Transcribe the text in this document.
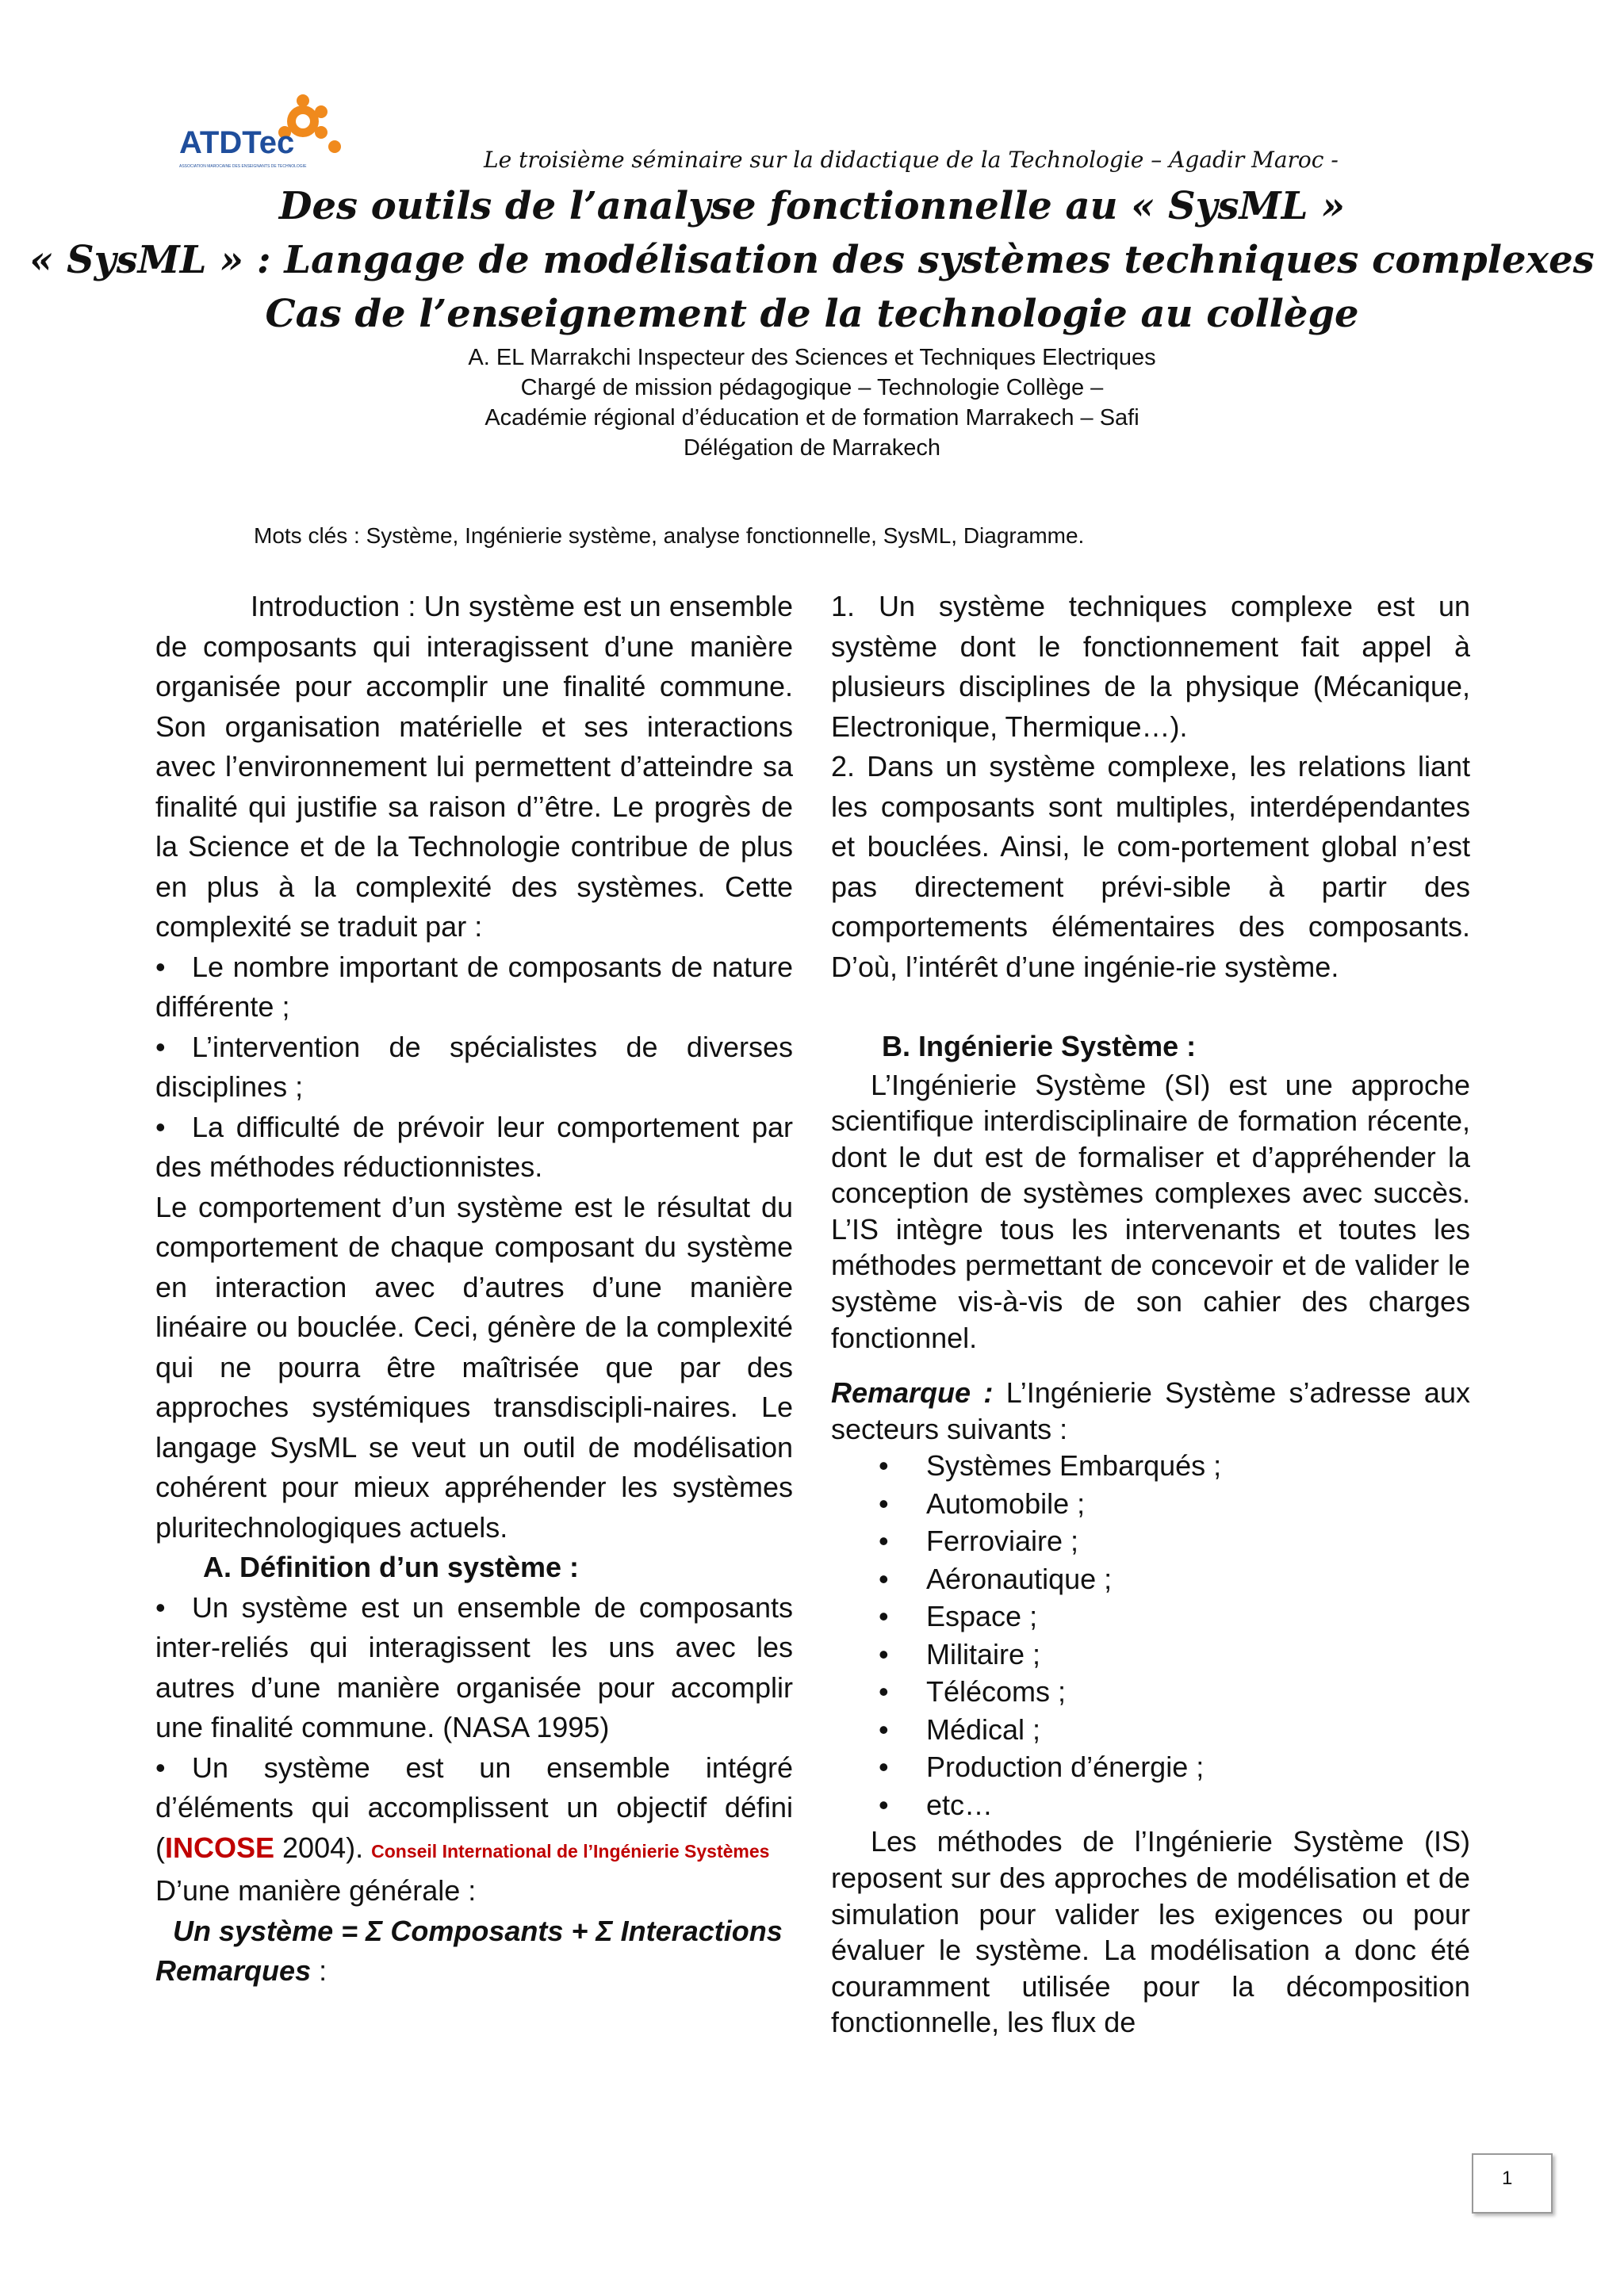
ATDTec
ASSOCIATION MAROCAINE DES ENSEIGNANTS DE TECHNOLOGIE	Le troisième séminaire sur la didactique de la Technologie – Agadir Maroc -
Des outils de l’analyse fonctionnelle au « SysML »
« SysML » : Langage de modélisation des systèmes techniques complexes
Cas de l’enseignement de la technologie au collège
A. EL Marrakchi Inspecteur des Sciences et Techniques Electriques
Chargé de mission pédagogique – Technologie Collège –
Académie régional d’éducation et de formation Marrakech – Safi
Délégation de Marrakech
Mots clés : Système, Ingénierie système, analyse fonctionnelle, SysML, Diagramme.

Introduction : Un système est un ensemble de composants qui interagissent d’une manière organisée pour accomplir une finalité commune. Son organisation matérielle et ses interactions avec l’environnement lui permettent d’atteindre sa finalité qui justifie sa raison d’’être. Le progrès de la Science et de la Technologie contribue de plus en plus à la complexité des systèmes. Cette complexité se traduit par :

• Le nombre important de composants de nature différente ;

• L’intervention de spécialistes de diverses disciplines ;

• La difficulté de prévoir leur comportement par des méthodes réductionnistes.

Le comportement d’un système est le résultat du comportement de chaque composant du système en interaction avec d’autres d’une manière linéaire ou bouclée. Ceci, génère de la complexité qui ne pourra être maîtrisée que par des approches systémiques transdiscipli-naires. Le langage SysML se veut un outil de modélisation cohérent pour mieux appréhender les systèmes pluritechnologiques actuels.

A. Définition d’un système :

• Un système est un ensemble de composants inter-reliés qui interagissent les uns avec les autres d’une manière organisée pour accomplir une finalité commune. (NASA 1995)

• Un système est un ensemble intégré d’éléments qui accomplissent un objectif défini (INCOSE 2004). Conseil International de l’Ingénierie Systèmes

D’une manière générale :

Un système = Σ Composants + Σ Interactions

Remarques :

1. Un système techniques complexe est un système dont le fonctionnement fait appel à plusieurs disciplines de la physique (Mécanique, Electronique, Thermique…).

2. Dans un système complexe, les relations liant les composants sont multiples, interdépendantes et bouclées. Ainsi, le com-portement global n’est pas directement prévi-sible à partir des comportements élémentaires des composants. D’où, l’intérêt d’une ingénie-rie système.

B. Ingénierie Système :

L’Ingénierie Système (SI) est une approche scientifique interdisciplinaire de formation récente, dont le dut est de formaliser et d’appréhender la conception de systèmes complexes avec succès. L’IS intègre tous les intervenants et toutes les méthodes permettant de concevoir et de valider le système vis-à-vis de son cahier des charges fonctionnel.

Remarque : L’Ingénierie Système s’adresse aux secteurs suivants :

• Systèmes Embarqués ;
• Automobile ;
• Ferroviaire ;
• Aéronautique ;
• Espace ;
• Militaire ;
• Télécoms ;
• Médical ;
• Production d’énergie ;
• etc…

Les méthodes de l’Ingénierie Système (IS) reposent sur des approches de modélisation et de simulation pour valider les exigences ou pour évaluer le système. La modélisation a donc été couramment utilisée pour la décomposition fonctionnelle, les flux de

1
